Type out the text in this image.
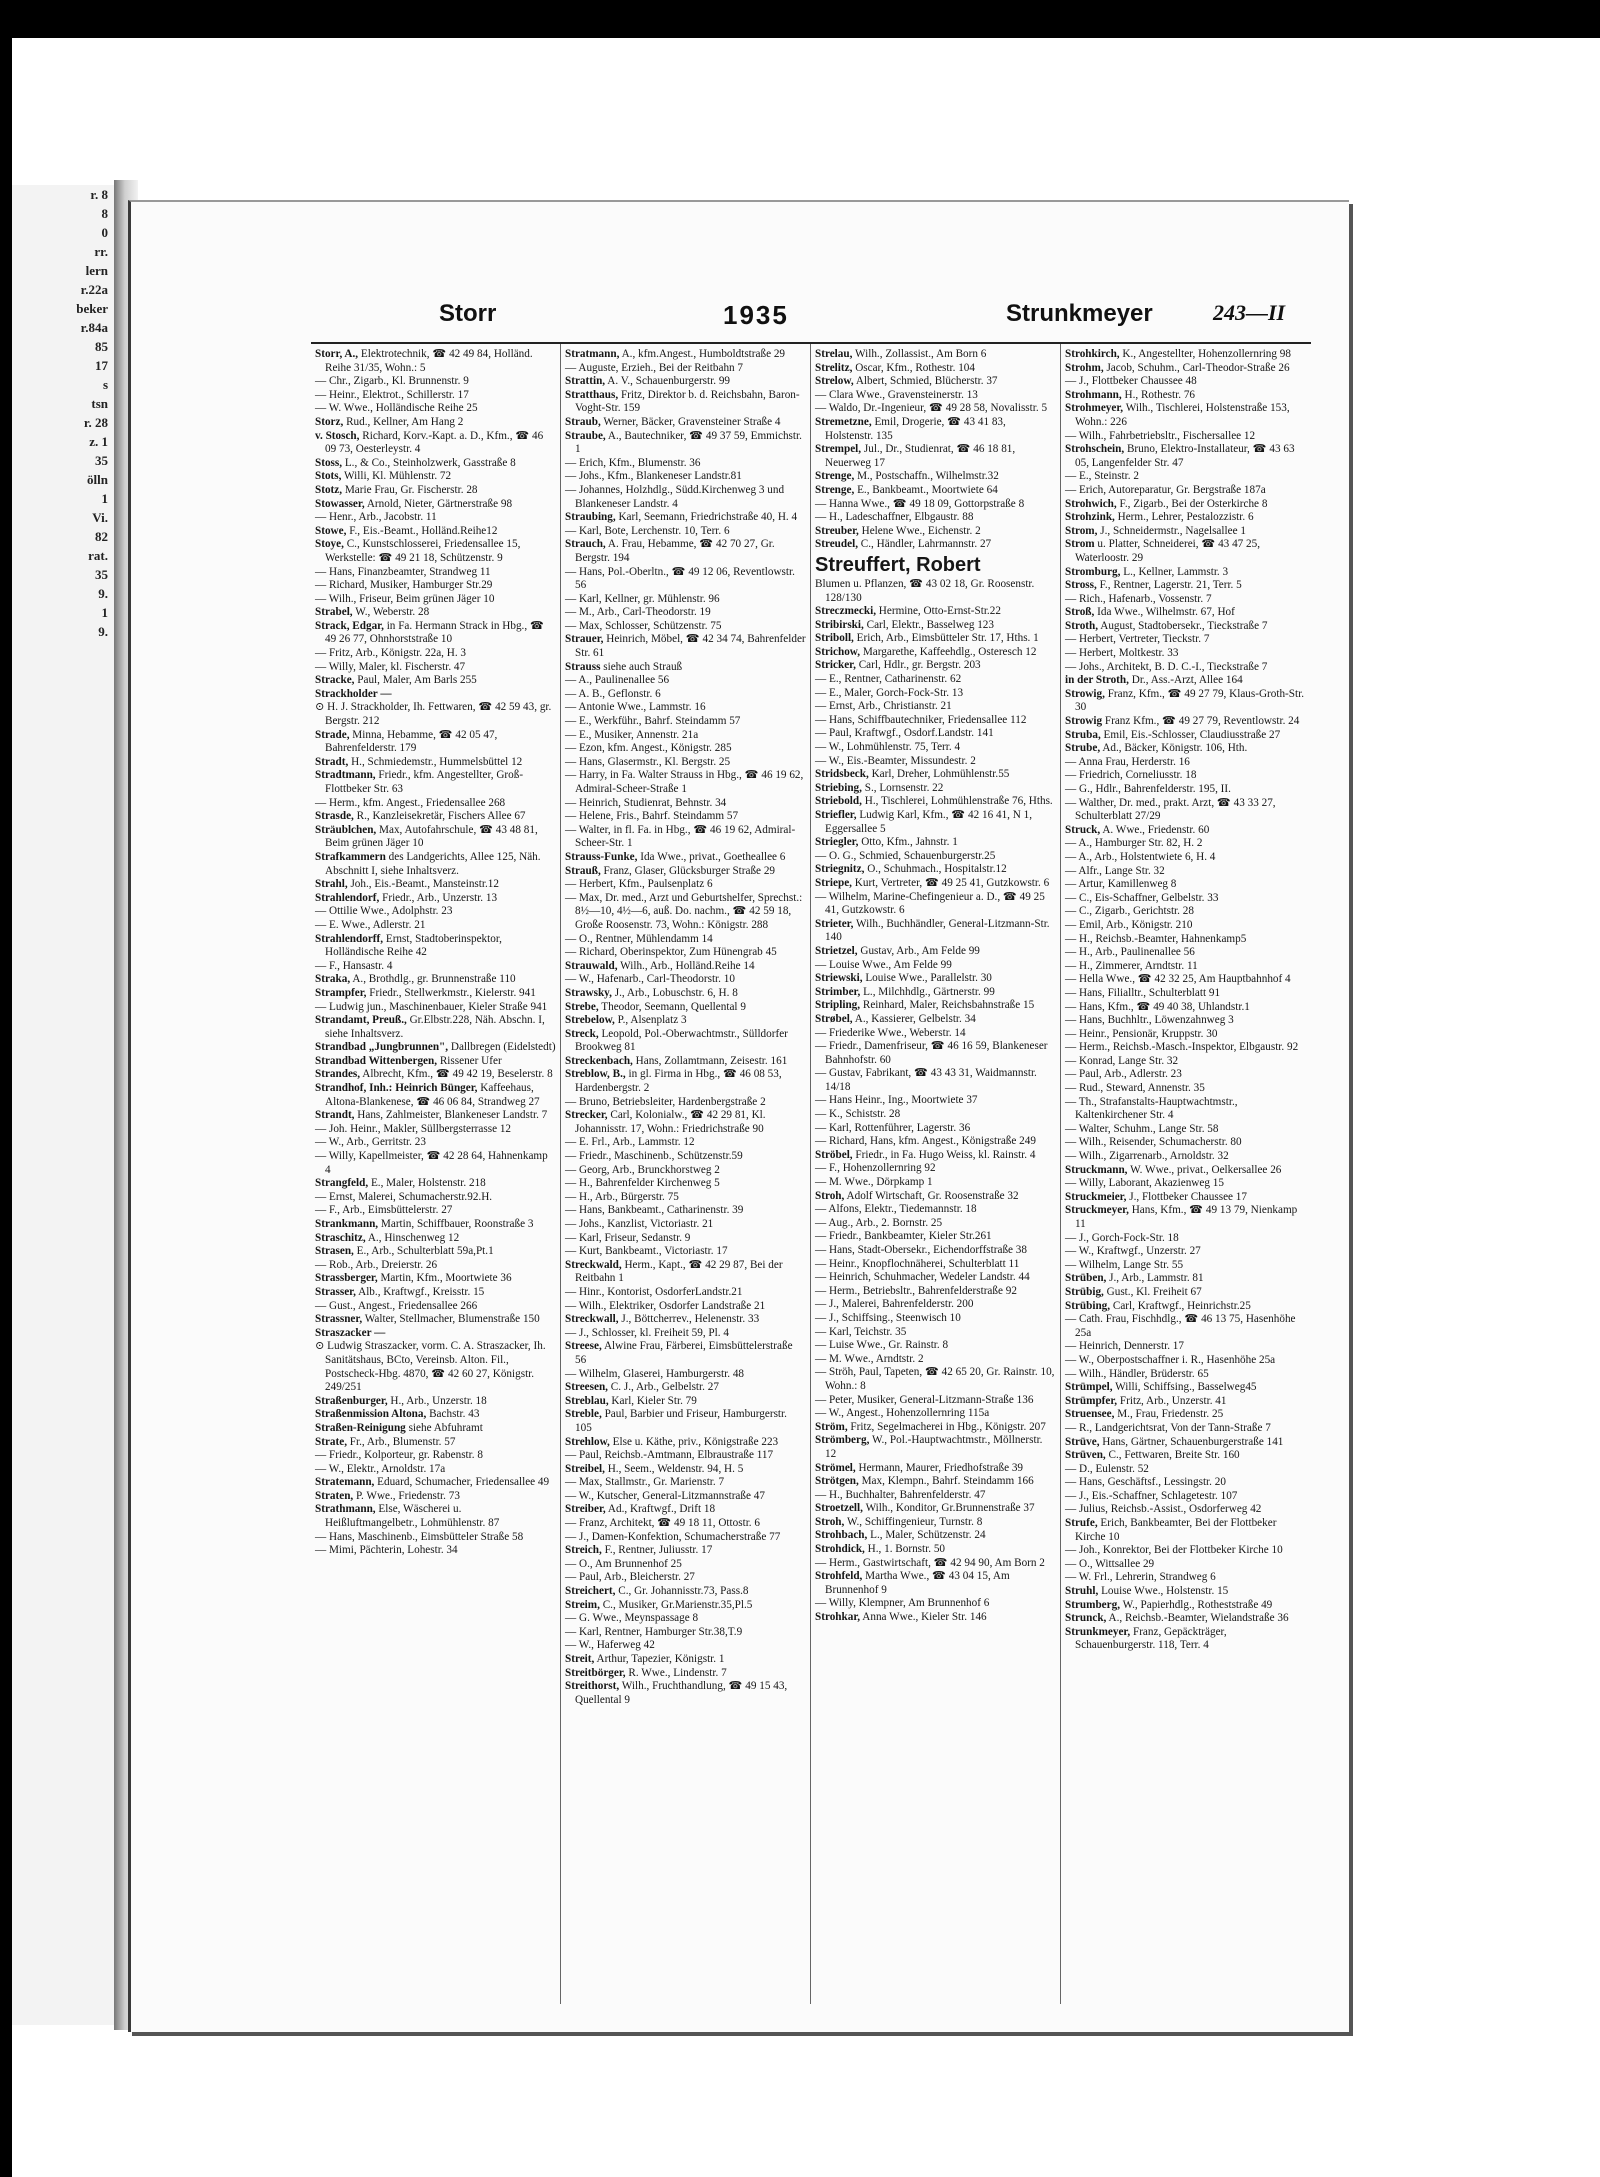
r. 8
8
0
rr.
lern
r.22a
beker
r.84a
85
17
s
tsn
r. 28
z. 1
35
ölln
1
Vi.
82
rat.
35
9.
1
9.
Storr	1935	Strunkmeyer	243—II

Storr, A., Elektrotechnik, ☎ 42 49 84, Holländ. Reihe 31/35, Wohn.: 5

— Chr., Zigarb., Kl. Brunnenstr. 9

— Heinr., Elektrot., Schillerstr. 17

— W. Wwe., Holländische Reihe 25

Storz, Rud., Kellner, Am Hang 2

v. Stosch, Richard, Korv.-Kapt. a. D., Kfm., ☎ 46 09 73, Oesterleystr. 4

Stoss, L., & Co., Steinholzwerk, Gasstraße 8

Stots, Willi, Kl. Mühlenstr. 72

Stotz, Marie Frau, Gr. Fischerstr. 28

Stowasser, Arnold, Nieter, Gärtnerstraße 98

— Henr., Arb., Jacobstr. 11

Stowe, F., Eis.-Beamt., Holländ.Reihe12

Stoye, C., Kunstschlosserei, Friedensallee 15, Werkstelle: ☎ 49 21 18, Schützenstr. 9

— Hans, Finanzbeamter, Strandweg 11

— Richard, Musiker, Hamburger Str.29

— Wilh., Friseur, Beim grünen Jäger 10

Strabel, W., Weberstr. 28

Strack, Edgar, in Fa. Hermann Strack in Hbg., ☎ 49 26 77, Ohnhorststraße 10

— Fritz, Arb., Königstr. 22a, H. 3

— Willy, Maler, kl. Fischerstr. 47

Stracke, Paul, Maler, Am Barls 255

Strackholder —

⊙ H. J. Strackholder, Ih. Fettwaren, ☎ 42 59 43, gr. Bergstr. 212

Strade, Minna, Hebamme, ☎ 42 05 47, Bahrenfelderstr. 179

Stradt, H., Schmiedemstr., Hummelsbüttel 12

Stradtmann, Friedr., kfm. Angestellter, Groß-Flottbeker Str. 63

— Herm., kfm. Angest., Friedensallee 268

Strasde, R., Kanzleisekretär, Fischers Allee 67

Sträublchen, Max, Autofahrschule, ☎ 43 48 81, Beim grünen Jäger 10

Strafkammern des Landgerichts, Allee 125, Näh. Abschnitt I, siehe Inhaltsverz.

Strahl, Joh., Eis.-Beamt., Mansteinstr.12

Strahlendorf, Friedr., Arb., Unzerstr. 13

— Ottilie Wwe., Adolphstr. 23

— E. Wwe., Adlerstr. 21

Strahlendorff, Ernst, Stadtoberinspektor, Holländische Reihe 42

— F., Hansastr. 4

Straka, A., Brothdlg., gr. Brunnenstraße 110

Strampfer, Friedr., Stellwerkmstr., Kielerstr. 941

— Ludwig jun., Maschinenbauer, Kieler Straße 941

Strandamt, Preuß., Gr.Elbstr.228, Näh. Abschn. I, siehe Inhaltsverz.

Strandbad „Jungbrunnen", Dallbregen (Eidelstedt)

Strandbad Wittenbergen, Rissener Ufer

Strandes, Albrecht, Kfm., ☎ 49 42 19, Beselerstr. 8

Strandhof, Inh.: Heinrich Bünger, Kaffeehaus, Altona-Blankenese, ☎ 46 06 84, Strandweg 27

Strandt, Hans, Zahlmeister, Blankeneser Landstr. 7

— Joh. Heinr., Makler, Süllbergsterrasse 12

— W., Arb., Gerritstr. 23

— Willy, Kapellmeister, ☎ 42 28 64, Hahnenkamp 4

Strangfeld, E., Maler, Holstenstr. 218

— Ernst, Malerei, Schumacherstr.92.H.

— F., Arb., Eimsbüttelerstr. 27

Strankmann, Martin, Schiffbauer, Roonstraße 3

Straschitz, A., Hinschenweg 12

Strasen, E., Arb., Schulterblatt 59a,Pt.1

— Rob., Arb., Dreierstr. 26

Strassberger, Martin, Kfm., Moortwiete 36

Strasser, Alb., Kraftwgf., Kreisstr. 15

— Gust., Angest., Friedensallee 266

Strassner, Walter, Stellmacher, Blumenstraße 150

Straszacker —

⊙ Ludwig Straszacker, vorm. C. A. Straszacker, Ih. Sanitätshaus, BCto, Vereinsb. Alton. Fil., Postscheck-Hbg. 4870, ☎ 42 60 27, Königstr. 249/251

Straßenburger, H., Arb., Unzerstr. 18

Straßenmission Altona, Bachstr. 43

Straßen-Reinigung siehe Abfuhramt

Strate, Fr., Arb., Blumenstr. 57

— Friedr., Kolporteur, gr. Rabenstr. 8

— W., Elektr., Arnoldstr. 17a

Stratemann, Eduard, Schumacher, Friedensallee 49

Straten, P. Wwe., Friedenstr. 73

Strathmann, Else, Wäscherei u. Heißluftmangelbetr., Lohmühlenstr. 87

— Hans, Maschinenb., Eimsbütteler Straße 58

— Mimi, Pächterin, Lohestr. 34

Stratmann, A., kfm.Angest., Humboldtstraße 29

— Auguste, Erzieh., Bei der Reitbahn 7

Strattin, A. V., Schauenburgerstr. 99

Stratthaus, Fritz, Direktor b. d. Reichsbahn, Baron-Voght-Str. 159

Straub, Werner, Bäcker, Gravensteiner Straße 4

Straube, A., Bautechniker, ☎ 49 37 59, Emmichstr. 1

— Erich, Kfm., Blumenstr. 36

— Johs., Kfm., Blankeneser Landstr.81

— Johannes, Holzhdlg., Südd.Kirchenweg 3 und Blankeneser Landstr. 4

Straubing, Karl, Seemann, Friedrichstraße 40, H. 4

— Karl, Bote, Lerchenstr. 10, Terr. 6

Strauch, A. Frau, Hebamme, ☎ 42 70 27, Gr. Bergstr. 194

— Hans, Pol.-Oberltn., ☎ 49 12 06, Reventlowstr. 56

— Karl, Kellner, gr. Mühlenstr. 96

— M., Arb., Carl-Theodorstr. 19

— Max, Schlosser, Schützenstr. 75

Strauer, Heinrich, Möbel, ☎ 42 34 74, Bahrenfelder Str. 61

Strauss siehe auch Strauß

— A., Paulinenallee 56

— A. B., Geflonstr. 6

— Antonie Wwe., Lammstr. 16

— E., Werkführ., Bahrf. Steindamm 57

— E., Musiker, Annenstr. 21a

— Ezon, kfm. Angest., Königstr. 285

— Hans, Glasermstr., Kl. Bergstr. 25

— Harry, in Fa. Walter Strauss in Hbg., ☎ 46 19 62, Admiral-Scheer-Straße 1

— Heinrich, Studienrat, Behnstr. 34

— Helene, Fris., Bahrf. Steindamm 57

— Walter, in fl. Fa. in Hbg., ☎ 46 19 62, Admiral-Scheer-Str. 1

Strauss-Funke, Ida Wwe., privat., Goetheallee 6

Strauß, Franz, Glaser, Glücksburger Straße 29

— Herbert, Kfm., Paulsenplatz 6

— Max, Dr. med., Arzt und Geburtshelfer, Sprechst.: 8½—10, 4½—6, auß. Do. nachm., ☎ 42 59 18, Große Roosenstr. 73, Wohn.: Königstr. 288

— O., Rentner, Mühlendamm 14

— Richard, Oberinspektor, Zum Hünengrab 45

Strauwald, Wilh., Arb., Holländ.Reihe 14

— W., Hafenarb., Carl-Theodorstr. 10

Strawsky, J., Arb., Lobuschstr. 6, H. 8

Strebe, Theodor, Seemann, Quellental 9

Strebelow, P., Alsenplatz 3

Streck, Leopold, Pol.-Oberwachtmstr., Sülldorfer Brookweg 81

Streckenbach, Hans, Zollamtmann, Zeisestr. 161

Streblow, B., in gl. Firma in Hbg., ☎ 46 08 53, Hardenbergstr. 2

— Bruno, Betriebsleiter, Hardenbergstraße 2

Strecker, Carl, Kolonialw., ☎ 42 29 81, Kl. Johannisstr. 17, Wohn.: Friedrichstraße 90

— E. Frl., Arb., Lammstr. 12

— Friedr., Maschinenb., Schützenstr.59

— Georg, Arb., Brunckhorstweg 2

— H., Bahrenfelder Kirchenweg 5

— H., Arb., Bürgerstr. 75

— Hans, Bankbeamt., Catharinenstr. 39

— Johs., Kanzlist, Victoriastr. 21

— Karl, Friseur, Sedanstr. 9

— Kurt, Bankbeamt., Victoriastr. 17

Streckwald, Herm., Kapt., ☎ 42 29 87, Bei der Reitbahn 1

— Hinr., Kontorist, OsdorferLandstr.21

— Wilh., Elektriker, Osdorfer Landstraße 21

Streckwall, J., Böttcherrev., Helenenstr. 33

— J., Schlosser, kl. Freiheit 59, Pl. 4

Streese, Alwine Frau, Färberei, Eimsbüttelerstraße 56

— Wilhelm, Glaserei, Hamburgerstr. 48

Streesen, C. J., Arb., Gelbelstr. 27

Streblau, Karl, Kieler Str. 79

Streble, Paul, Barbier und Friseur, Hamburgerstr. 105

Strehlow, Else u. Käthe, priv., Königstraße 223

— Paul, Reichsb.-Amtmann, Elbraustraße 117

Streibel, H., Seem., Weldenstr. 94, H. 5

— Max, Stallmstr., Gr. Marienstr. 7

— W., Kutscher, General-Litzmannstraße 47

Streiber, Ad., Kraftwgf., Drift 18

— Franz, Architekt, ☎ 49 18 11, Ottostr. 6

— J., Damen-Konfektion, Schumacherstraße 77

Streich, F., Rentner, Juliusstr. 17

— O., Am Brunnenhof 25

— Paul, Arb., Bleicherstr. 27

Streichert, C., Gr. Johannisstr.73, Pass.8

Streim, C., Musiker, Gr.Marienstr.35,Pl.5

— G. Wwe., Meynspassage 8

— Karl, Rentner, Hamburger Str.38,T.9

— W., Haferweg 42

Streit, Arthur, Tapezier, Königstr. 1

Streitbörger, R. Wwe., Lindenstr. 7

Streithorst, Wilh., Fruchthandlung, ☎ 49 15 43, Quellental 9

Strelau, Wilh., Zollassist., Am Born 6

Strelitz, Oscar, Kfm., Rothestr. 104

Strelow, Albert, Schmied, Blücherstr. 37

— Clara Wwe., Gravensteinerstr. 13

— Waldo, Dr.-Ingenieur, ☎ 49 28 58, Novalisstr. 5

Stremetzne, Emil, Drogerie, ☎ 43 41 83, Holstenstr. 135

Strempel, Jul., Dr., Studienrat, ☎ 46 18 81, Neuerweg 17

Strenge, M., Postschaffn., Wilhelmstr.32

Strenge, E., Bankbeamt., Moortwiete 64

— Hanna Wwe., ☎ 49 18 09, Gottorpstraße 8

— H., Ladeschaffner, Elbgaustr. 88

Streuber, Helene Wwe., Eichenstr. 2

Streudel, C., Händler, Lahrmannstr. 27

Streuffert, Robert

Blumen u. Pflanzen, ☎ 43 02 18, Gr. Roosenstr. 128/130

Streczmecki, Hermine, Otto-Ernst-Str.22

Stribirski, Carl, Elektr., Basselweg 123

Striboll, Erich, Arb., Eimsbütteler Str. 17, Hths. 1

Strichow, Margarethe, Kaffeehdlg., Osteresch 12

Stricker, Carl, Hdlr., gr. Bergstr. 203

— E., Rentner, Catharinenstr. 62

— E., Maler, Gorch-Fock-Str. 13

— Ernst, Arb., Christianstr. 21

— Hans, Schiffbautechniker, Friedensallee 112

— Paul, Kraftwgf., Osdorf.Landstr. 141

— W., Lohmühlenstr. 75, Terr. 4

— W., Eis.-Beamter, Missundestr. 2

Stridsbeck, Karl, Dreher, Lohmühlenstr.55

Striebing, S., Lornsenstr. 22

Striebold, H., Tischlerei, Lohmühlenstraße 76, Hths.

Striefler, Ludwig Karl, Kfm., ☎ 42 16 41, N 1, Eggersallee 5

Striegler, Otto, Kfm., Jahnstr. 1

— O. G., Schmied, Schauenburgerstr.25

Striegnitz, O., Schuhmach., Hospitalstr.12

Striepe, Kurt, Vertreter, ☎ 49 25 41, Gutzkowstr. 6

— Wilhelm, Marine-Chefingenieur a. D., ☎ 49 25 41, Gutzkowstr. 6

Strieter, Wilh., Buchhändler, General-Litzmann-Str. 140

Strietzel, Gustav, Arb., Am Felde 99

— Louise Wwe., Am Felde 99

Striewski, Louise Wwe., Parallelstr. 30

Strimber, L., Milchhdlg., Gärtnerstr. 99

Stripling, Reinhard, Maler, Reichsbahnstraße 15

Strøbel, A., Kassierer, Gelbelstr. 34

— Friederike Wwe., Weberstr. 14

— Friedr., Damenfriseur, ☎ 46 16 59, Blankeneser Bahnhofstr. 60

— Gustav, Fabrikant, ☎ 43 43 31, Waidmannstr. 14/18

— Hans Heinr., Ing., Moortwiete 37

— K., Schiststr. 28

— Karl, Rottenführer, Lagerstr. 36

— Richard, Hans, kfm. Angest., Königstraße 249

Ströbel, Friedr., in Fa. Hugo Weiss, kl. Rainstr. 4

— F., Hohenzollernring 92

— M. Wwe., Dörpkamp 1

Stroh, Adolf Wirtschaft, Gr. Roosenstraße 32

— Alfons, Elektr., Tiedemannstr. 18

— Aug., Arb., 2. Bornstr. 25

— Friedr., Bankbeamter, Kieler Str.261

— Hans, Stadt-Obersekr., Eichendorffstraße 38

— Heinr., Knopflochnäherei, Schulterblatt 11

— Heinrich, Schuhmacher, Wedeler Landstr. 44

— Herm., Betriebsltr., Bahrenfelderstraße 92

— J., Malerei, Bahrenfelderstr. 200

— J., Schiffsing., Steenwisch 10

— Karl, Teichstr. 35

— Luise Wwe., Gr. Rainstr. 8

— M. Wwe., Arndtstr. 2

— Ströh, Paul, Tapeten, ☎ 42 65 20, Gr. Rainstr. 10, Wohn.: 8

— Peter, Musiker, General-Litzmann-Straße 136

— W., Angest., Hohenzollernring 115a

Ström, Fritz, Segelmacherei in Hbg., Königstr. 207

Strömberg, W., Pol.-Hauptwachtmstr., Möllnerstr. 12

Strömel, Hermann, Maurer, Friedhofstraße 39

Strötgen, Max, Klempn., Bahrf. Steindamm 166

— H., Buchhalter, Bahrenfelderstr. 47

Stroetzell, Wilh., Konditor, Gr.Brunnenstraße 37

Stroh, W., Schiffingenieur, Turnstr. 8

Strohbach, L., Maler, Schützenstr. 24

Strohdick, H., 1. Bornstr. 50

— Herm., Gastwirtschaft, ☎ 42 94 90, Am Born 2

Strohfeld, Martha Wwe., ☎ 43 04 15, Am Brunnenhof 9

— Willy, Klempner, Am Brunnenhof 6

Strohkar, Anna Wwe., Kieler Str. 146

Strohkirch, K., Angestellter, Hohenzollernring 98

Strohm, Jacob, Schuhm., Carl-Theodor-Straße 26

— J., Flottbeker Chaussee 48

Strohmann, H., Rothestr. 76

Strohmeyer, Wilh., Tischlerei, Holstenstraße 153, Wohn.: 226

— Wilh., Fahrbetriebsltr., Fischersallee 12

Strohschein, Bruno, Elektro-Installateur, ☎ 43 63 05, Langenfelder Str. 47

— E., Steinstr. 2

— Erich, Autoreparatur, Gr. Bergstraße 187a

Strohwich, F., Zigarb., Bei der Osterkirche 8

Strohzink, Herm., Lehrer, Pestalozzistr. 6

Strom, J., Schneidermstr., Nagelsallee 1

Strom u. Platter, Schneiderei, ☎ 43 47 25, Waterloostr. 29

Stromburg, L., Kellner, Lammstr. 3

Stross, F., Rentner, Lagerstr. 21, Terr. 5

— Rich., Hafenarb., Vossenstr. 7

Stroß, Ida Wwe., Wilhelmstr. 67, Hof

Stroth, August, Stadtobersekr., Tieckstraße 7

— Herbert, Vertreter, Tieckstr. 7

— Herbert, Moltkestr. 33

— Johs., Architekt, B. D. C.-I., Tieckstraße 7

in der Stroth, Dr., Ass.-Arzt, Allee 164

Strowig, Franz, Kfm., ☎ 49 27 79, Klaus-Groth-Str. 30

Strowig Franz Kfm., ☎ 49 27 79, Reventlowstr. 24

Struba, Emil, Eis.-Schlosser, Claudiusstraße 27

Strube, Ad., Bäcker, Königstr. 106, Hth.

— Anna Frau, Herderstr. 16

— Friedrich, Corneliusstr. 18

— G., Hdlr., Bahrenfelderstr. 195, II.

— Walther, Dr. med., prakt. Arzt, ☎ 43 33 27, Schulterblatt 27/29

Struck, A. Wwe., Friedenstr. 60

— A., Hamburger Str. 82, H. 2

— A., Arb., Holstentwiete 6, H. 4

— Alfr., Lange Str. 32

— Artur, Kamillenweg 8

— C., Eis-Schaffner, Gelbelstr. 33

— C., Zigarb., Gerichtstr. 28

— Emil, Arb., Königstr. 210

— H., Reichsb.-Beamter, Hahnenkamp5

— H., Arb., Paulinenallee 56

— H., Zimmerer, Arndtstr. 11

— Hella Wwe., ☎ 42 32 25, Am Hauptbahnhof 4

— Hans, Filialltr., Schulterblatt 91

— Hans, Kfm., ☎ 49 40 38, Uhlandstr.1

— Hans, Buchhltr., Löwenzahnweg 3

— Heinr., Pensionär, Kruppstr. 30

— Herm., Reichsb.-Masch.-Inspektor, Elbgaustr. 92

— Konrad, Lange Str. 32

— Paul, Arb., Adlerstr. 23

— Rud., Steward, Annenstr. 35

— Th., Strafanstalts-Hauptwachtmstr., Kaltenkirchener Str. 4

— Walter, Schuhm., Lange Str. 58

— Wilh., Reisender, Schumacherstr. 80

— Wilh., Zigarrenarb., Arnoldstr. 32

Struckmann, W. Wwe., privat., Oelkersallee 26

— Willy, Laborant, Akazienweg 15

Struckmeier, J., Flottbeker Chaussee 17

Struckmeyer, Hans, Kfm., ☎ 49 13 79, Nienkamp 11

— J., Gorch-Fock-Str. 18

— W., Kraftwgf., Unzerstr. 27

— Wilhelm, Lange Str. 55

Strüben, J., Arb., Lammstr. 81

Strübig, Gust., Kl. Freiheit 67

Strübing, Carl, Kraftwgf., Heinrichstr.25

— Cath. Frau, Fischhdlg., ☎ 46 13 75, Hasenhöhe 25a

— Heinrich, Dennerstr. 17

— W., Oberpostschaffner i. R., Hasenhöhe 25a

— Wilh., Händler, Brüderstr. 65

Strümpel, Willi, Schiffsing., Basselweg45

Strümpfer, Fritz, Arb., Unzerstr. 41

Struensee, M., Frau, Friedenstr. 25

— R., Landgerichtsrat, Von der Tann-Straße 7

Strüve, Hans, Gärtner, Schauenburgerstraße 141

Strüven, C., Fettwaren, Breite Str. 160

— D., Eulenstr. 52

— Hans, Geschäftsf., Lessingstr. 20

— J., Eis.-Schaffner, Schlagetestr. 107

— Julius, Reichsb.-Assist., Osdorferweg 42

Strufe, Erich, Bankbeamter, Bei der Flottbeker Kirche 10

— Joh., Konrektor, Bei der Flottbeker Kirche 10

— O., Wittsallee 29

— W. Frl., Lehrerin, Strandweg 6

Struhl, Louise Wwe., Holstenstr. 15

Strumberg, W., Papierhdlg., Rotheststraße 49

Strunck, A., Reichsb.-Beamter, Wielandstraße 36

Strunkmeyer, Franz, Gepäckträger, Schauenburgerstr. 118, Terr. 4
